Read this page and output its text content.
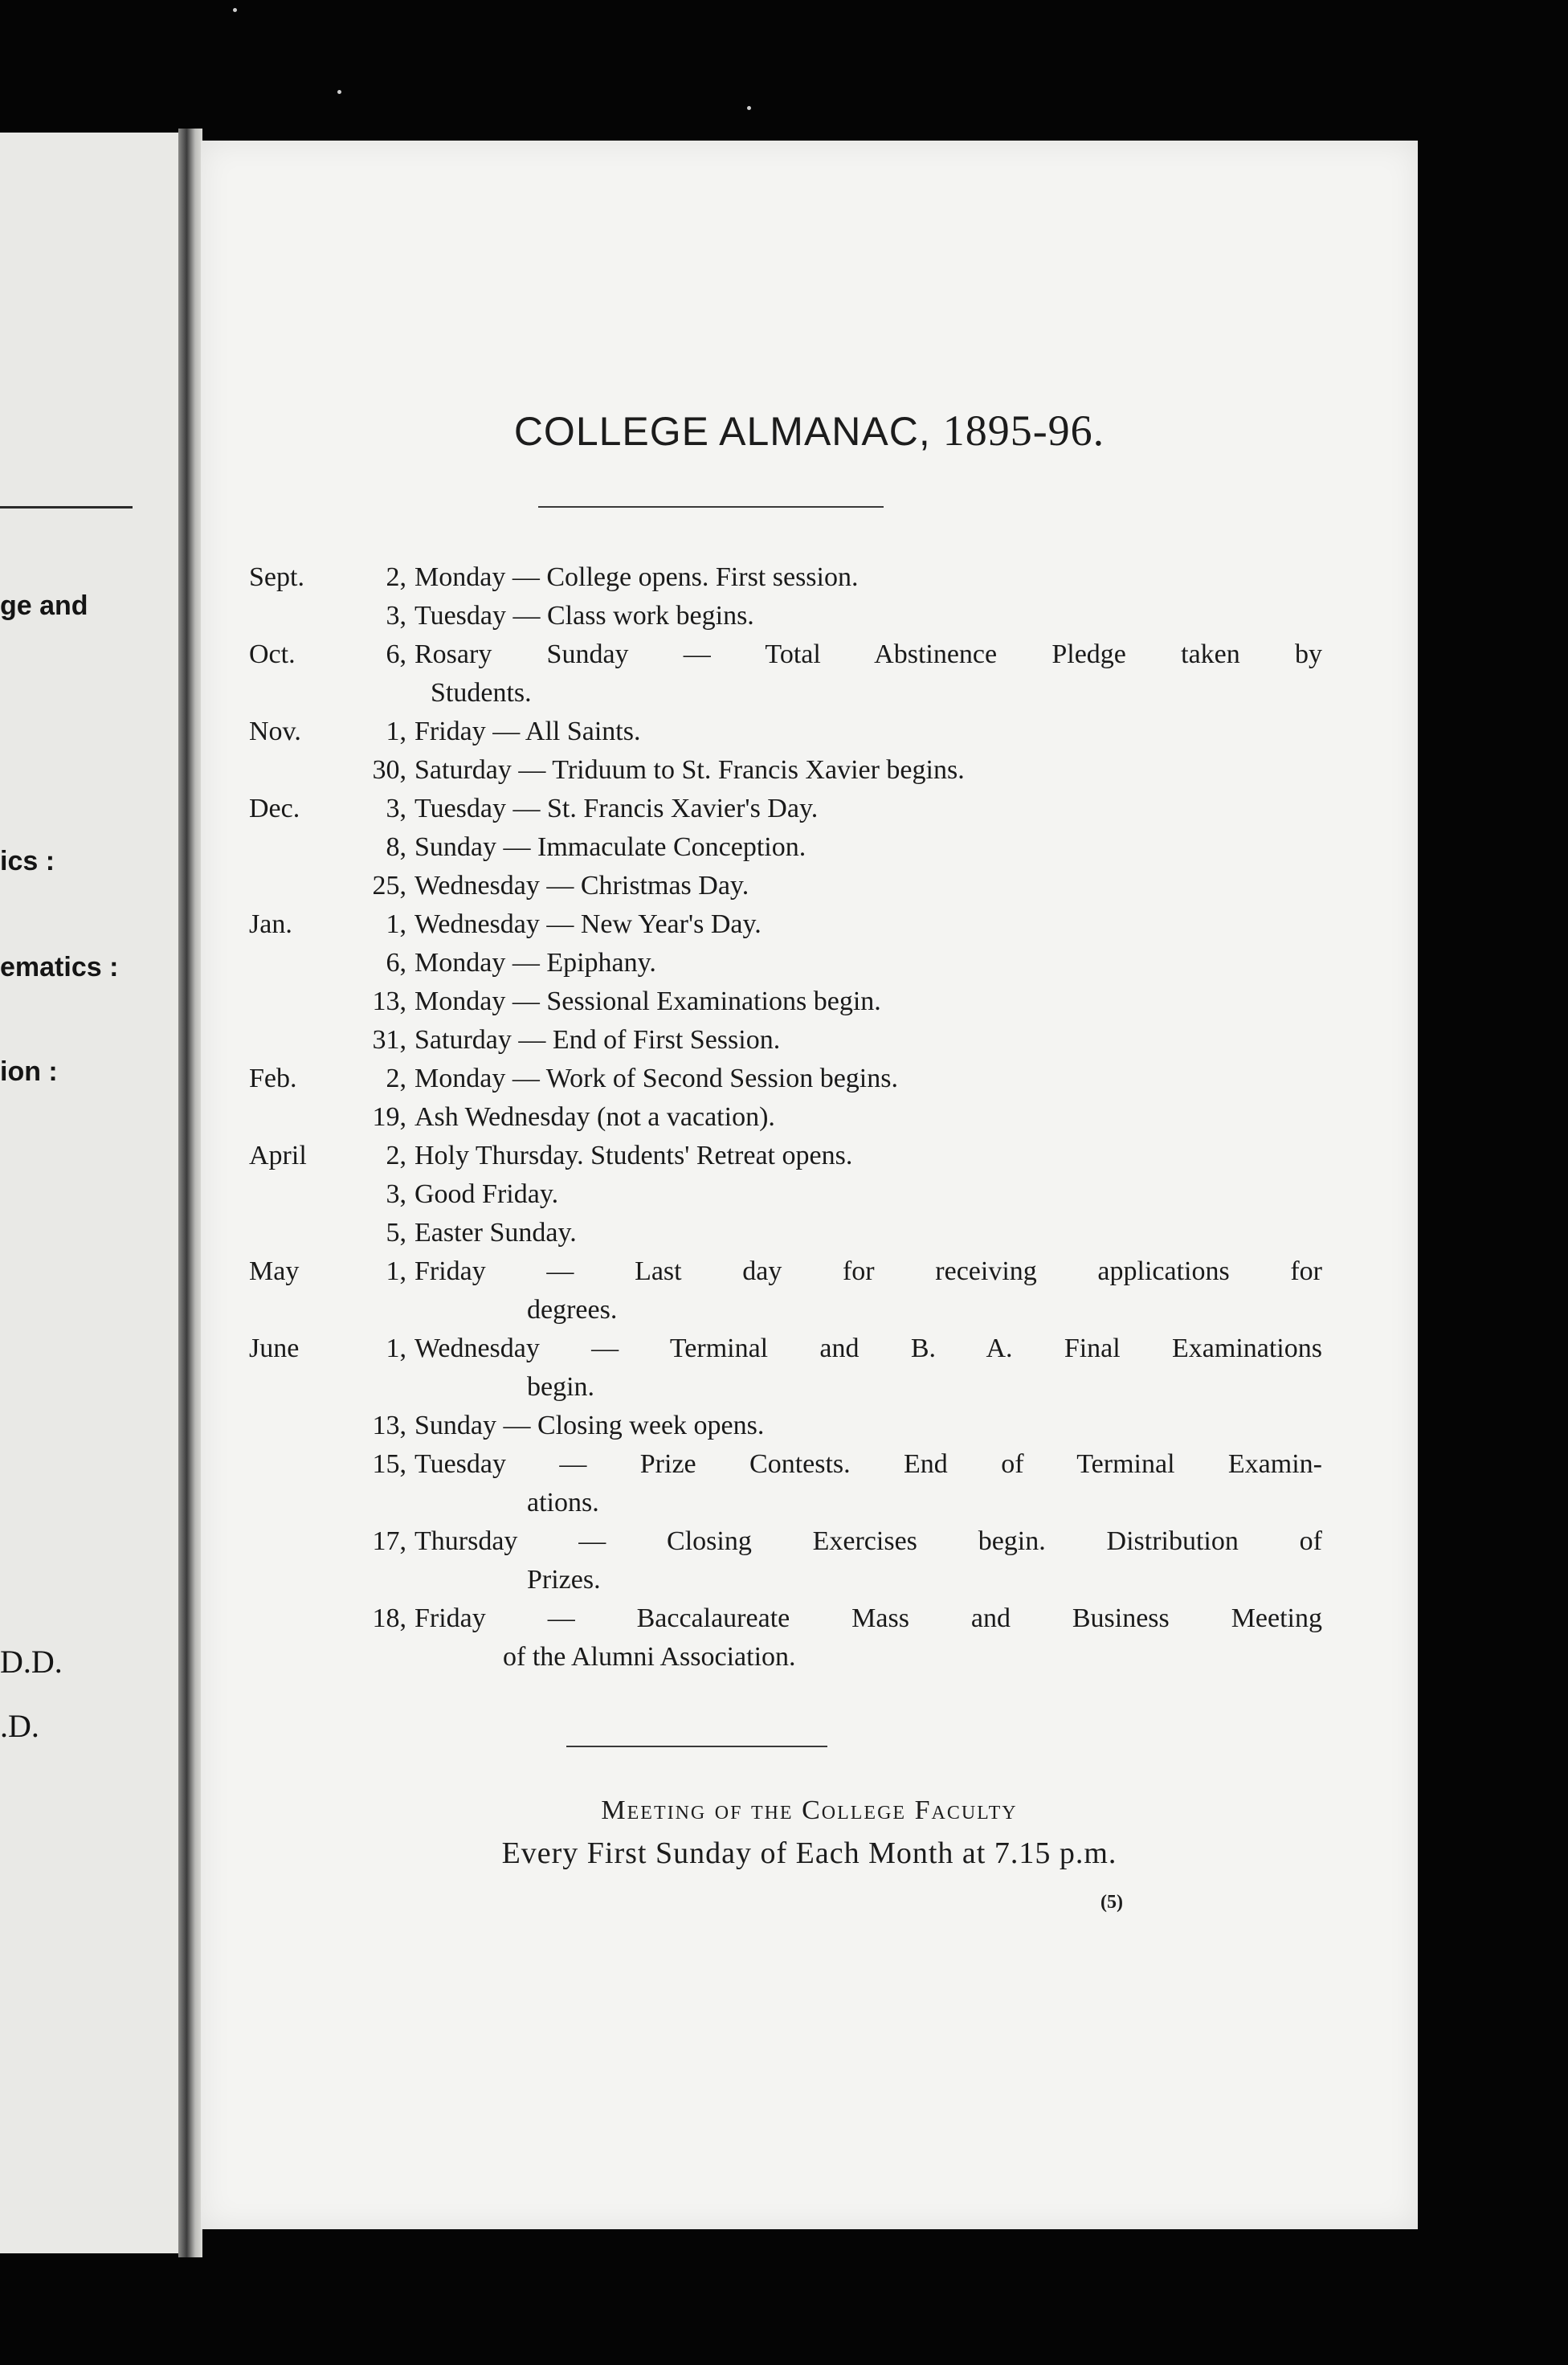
ge and
ics :
ematics :
ion :
D.D.
.D.
COLLEGE ALMANAC, 1895-96.
Sept.	2, Monday — College opens. First session.
3, Tuesday — Class work begins.
Oct.	6, Rosary Sunday — Total Abstinence Pledge taken by
Students.
Nov.	1, Friday — All Saints.
30, Saturday — Triduum to St. Francis Xavier begins.
Dec.	3, Tuesday — St. Francis Xavier's Day.
8, Sunday — Immaculate Conception.
25, Wednesday — Christmas Day.
Jan.	1, Wednesday — New Year's Day.
6, Monday — Epiphany.
13, Monday — Sessional Examinations begin.
31, Saturday — End of First Session.
Feb.	2, Monday — Work of Second Session begins.
19, Ash Wednesday (not a vacation).
April	2, Holy Thursday. Students' Retreat opens.
3, Good Friday.
5, Easter Sunday.
May	1, Friday — Last day for receiving applications for
degrees.
June	1, Wednesday — Terminal and B. A. Final Examinations
begin.
13, Sunday — Closing week opens.
15, Tuesday — Prize Contests. End of Terminal Examin-
ations.
17, Thursday — Closing Exercises begin. Distribution of
Prizes.
18, Friday — Baccalaureate Mass and Business Meeting
of the Alumni Association.
Meeting of the College Faculty
Every First Sunday of Each Month at 7.15 p.m.
(5)
